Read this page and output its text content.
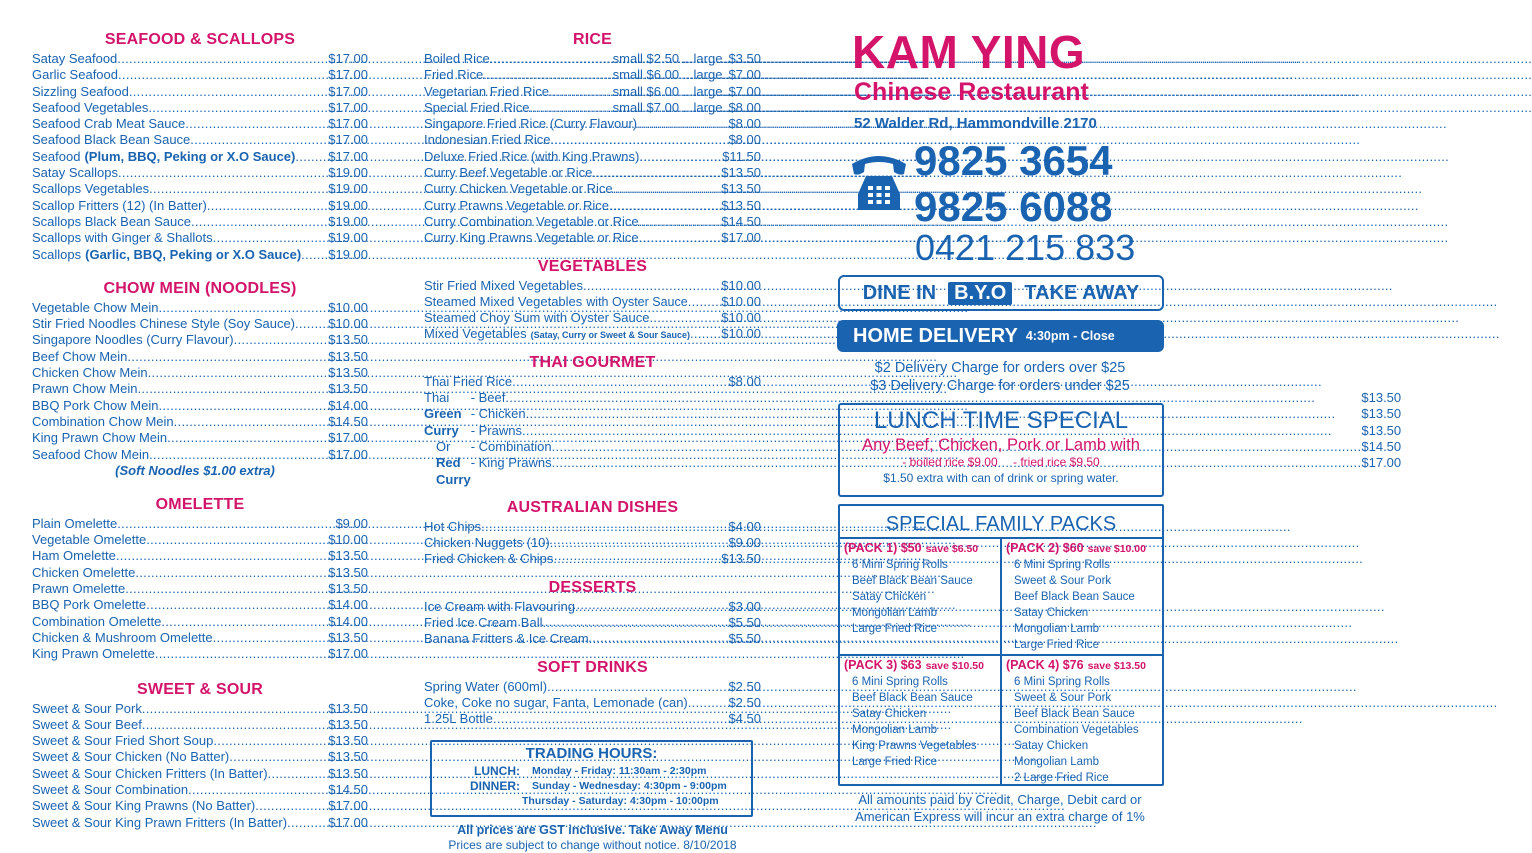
SEAFOOD & SCALLOPS
Satay Seafood .....	$17.00
Garlic Seafood .....	$17.00
Sizzling Seafood .....	$17.00
Seafood Vegetables .....	$17.00
Seafood Crab Meat Sauce .....	$17.00
Seafood Black Bean Sauce .....	$17.00
Seafood (Plum, BBQ, Peking or X.O Sauce) .....	$17.00
Satay Scallops .....	$19.00
Scallops Vegetables .....	$19.00
Scallop Fritters (12) (In Batter) .....	$19.00
Scallops Black Bean Sauce .....	$19.00
Scallops with Ginger & Shallots .....	$19.00
Scallops (Garlic, BBQ, Peking or X.O Sauce) ..... $19.00
CHOW MEIN (NOODLES)
Vegetable Chow Mein .....	$10.00
Stir Fried Noodles Chinese Style (Soy Sauce) .....	$10.00
Singapore Noodles (Curry Flavour) .....	$13.50
Beef Chow Mein .....	$13.50
Chicken Chow Mein .....	$13.50
Prawn Chow Mein .....	$13.50
BBQ Pork Chow Mein .....	$14.00
Combination Chow Mein .....	$14.50
King Prawn Chow Mein .....	$17.00
Seafood Chow Mein .....	$17.00
(Soft Noodles $1.00 extra)
OMELETTE
Plain Omelette .....	$9.00
Vegetable Omelette .....	$10.00
Ham Omelette .....	$13.50
Chicken Omelette .....	$13.50
Prawn Omelette .....	$13.50
BBQ Pork Omelette .....	$14.00
Combination Omelette .....	$14.00
Chicken & Mushroom Omelette .....	$13.50
King Prawn Omelette .....	$17.00
SWEET & SOUR
Sweet & Sour Pork .....	$13.50
Sweet & Sour Beef .....	$13.50
Sweet & Sour Fried Short Soup .....	$13.50
Sweet & Sour Chicken (No Batter) .....	$13.50
Sweet & Sour Chicken Fritters (In Batter) .....	$13.50
Sweet & Sour Combination .....	$14.50
Sweet & Sour King Prawns (No Batter) .....	$17.00
Sweet & Sour King Prawn Fritters (In Batter) .....	$17.00
RICE
Boiled Rice .....	small $2.50 ...large ..... $3.50
Fried Rice .....	small $6.00 ...large ..... $7.00
Vegetarian Fried Rice .....	small $6.00 ...large ..... $7.00
Special Fried Rice .....	small $7.00 ...large ..... $8.00
Singapore Fried Rice (Curry Flavour) .....	$8.00
Indonesian Fried Rice .....	$8.00
Deluxe Fried Rice (with King Prawns) .....	$11.50
Curry Beef Vegetable or Rice .....	$13.50
Curry Chicken Vegetable or Rice .....	$13.50
Curry Prawns Vegetable or Rice .....	$13.50
Curry Combination Vegetable or Rice .....	$14.50
Curry King Prawns Vegetable or Rice .....	$17.00
VEGETABLES
Stir Fried Mixed Vegetables .....	$10.00
Steamed Mixed Vegetables with Oyster Sauce .....	$10.00
Steamed Choy Sum with Oyster Sauce .....	$10.00
Mixed Vegetables (Satay, Curry or Sweet & Sour Sauce) ..... $10.00
THAI GOURMET
Thai Fried Rice .....	$8.00
Thai Green Curry
Or Red Curry
- Beef .....	$13.50
- Chicken .....	$13.50
- Prawns .....	$13.50
- Combination .....	$14.50
- King Prawns .....	$17.00
AUSTRALIAN DISHES
Hot Chips .....	$4.00
Chicken Nuggets (10) .....	$9.00
Fried Chicken & Chips .....	$13.50
DESSERTS
Ice Cream with Flavouring .....	$3.00
Fried Ice Cream Ball .....	$5.50
Banana Fritters & Ice Cream .....	$5.50
SOFT DRINKS
Spring Water (600ml) .....	$2.50
Coke, Coke no sugar, Fanta, Lemonade (can) .....	$2.50
1.25L Bottle .....	$4.50
TRADING HOURS:
LUNCH:	Monday - Friday: 11:30am - 2:30pm
DINNER:	Sunday - Wednesday: 4:30pm - 9:00pm
Thursday - Saturday: 4:30pm - 10:00pm
All prices are GST inclusive. Take Away Menu
Prices are subject to change without notice. 8/10/2018
KAM YING
Chinese Restaurant
52 Walder Rd, Hammondville 2170
9825 3654
9825 6088
0421 215 833
DINE IN B.Y.O TAKE AWAY
HOME DELIVERY 4:30pm - Close
$2 Delivery Charge for orders over $25
$3 Delivery Charge for orders under $25
LUNCH TIME SPECIAL
Any Beef, Chicken, Pork or Lamb with
- boiled rice $9.00 - fried rice $9.50
$1.50 extra with can of drink or spring water.
SPECIAL FAMILY PACKS
(PACK 1) $50 save $6.50
6 Mini Spring Rolls
Beef Black Bean Sauce
Satay Chicken
Mongolian Lamb
Large Fried Rice
(PACK 2) $60 save $10.00
6 Mini Spring Rolls
Sweet & Sour Pork
Beef Black Bean Sauce
Satay Chicken
Mongolian Lamb
Large Fried Rice
(PACK 3) $63 save $10.50
6 Mini Spring Rolls
Beef Black Bean Sauce
Satay Chicken
Mongolian Lamb
King Prawns Vegetables
Large Fried Rice
(PACK 4) $76 save $13.50
6 Mini Spring Rolls
Sweet & Sour Pork
Beef Black Bean Sauce
Combination Vegetables
Satay Chicken
Mongolian Lamb
2 Large Fried Rice
All amounts paid by Credit, Charge, Debit card or
American Express will incur an extra charge of 1%
